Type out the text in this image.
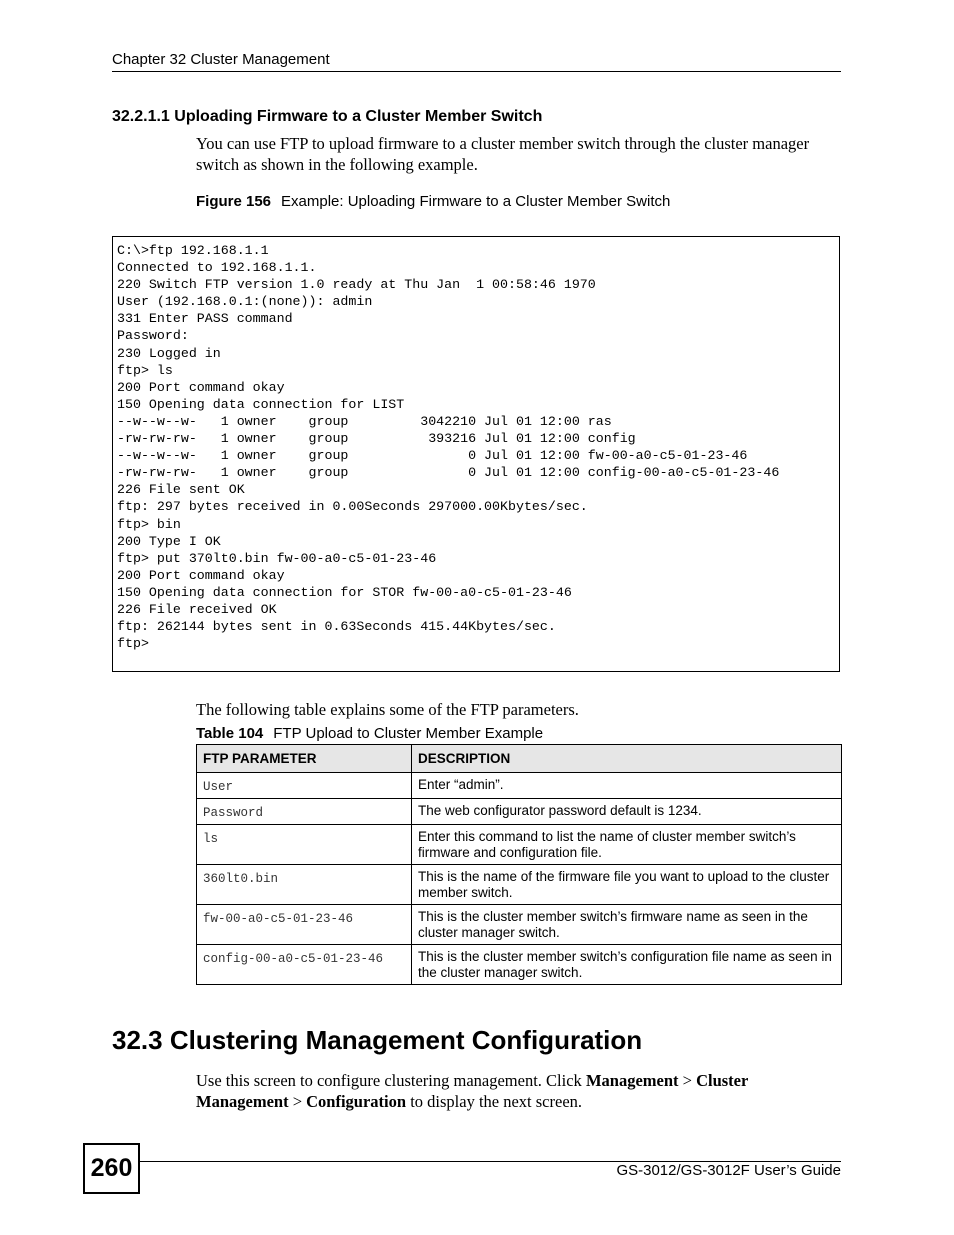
Chapter 32 Cluster Management
32.2.1.1 Uploading Firmware to a Cluster Member Switch
You can use FTP to upload firmware to a cluster member switch through the cluster manager switch as shown in the following example.
Figure 156 Example: Uploading Firmware to a Cluster Member Switch
C:\>ftp 192.168.1.1
Connected to 192.168.1.1.
220 Switch FTP version 1.0 ready at Thu Jan  1 00:58:46 1970
User (192.168.0.1:(none)): admin
331 Enter PASS command
Password:
230 Logged in
ftp> ls
200 Port command okay
150 Opening data connection for LIST
--w--w--w-   1 owner    group         3042210 Jul 01 12:00 ras
-rw-rw-rw-   1 owner    group          393216 Jul 01 12:00 config
--w--w--w-   1 owner    group               0 Jul 01 12:00 fw-00-a0-c5-01-23-46
-rw-rw-rw-   1 owner    group               0 Jul 01 12:00 config-00-a0-c5-01-23-46
226 File sent OK
ftp: 297 bytes received in 0.00Seconds 297000.00Kbytes/sec.
ftp> bin
200 Type I OK
ftp> put 370lt0.bin fw-00-a0-c5-01-23-46
200 Port command okay
150 Opening data connection for STOR fw-00-a0-c5-01-23-46
226 File received OK
ftp: 262144 bytes sent in 0.63Seconds 415.44Kbytes/sec.
ftp>
The following table explains some of the FTP parameters.
Table 104 FTP Upload to Cluster Member Example
FTP PARAMETER	DESCRIPTION
User	Enter “admin”.
Password	The web configurator password default is 1234.
ls	Enter this command to list the name of cluster member switch’s firmware and configuration file.
360lt0.bin	This is the name of the firmware file you want to upload to the cluster member switch.
fw-00-a0-c5-01-23-46	This is the cluster member switch’s firmware name as seen in the cluster manager switch.
config-00-a0-c5-01-23-46	This is the cluster member switch’s configuration file name as seen in the cluster manager switch.
32.3 Clustering Management Configuration
Use this screen to configure clustering management. Click Management > Cluster Management > Configuration to display the next screen.
260	GS-3012/GS-3012F User’s Guide
